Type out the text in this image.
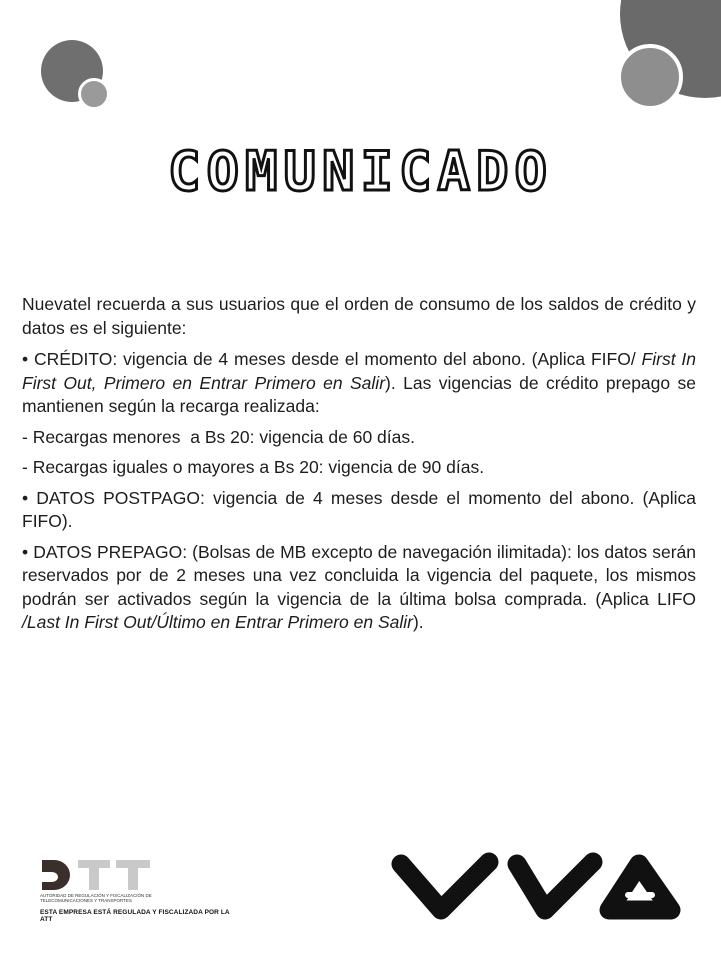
COMUNICADO

Nuevatel recuerda a sus usuarios que el orden de consumo de los saldos de crédito y datos es el siguiente:

• CRÉDITO: vigencia de 4 meses desde el momento del abono. (Aplica FIFO/ First In First Out, Primero en Entrar Primero en Salir). Las vigencias de crédito prepago se mantienen según la recarga realizada:

- Recargas menores  a Bs 20: vigencia de 60 días.

- Recargas iguales o mayores a Bs 20: vigencia de 90 días.

• DATOS POSTPAGO: vigencia de 4 meses desde el momento del abono. (Aplica FIFO).

• DATOS PREPAGO: (Bolsas de MB excepto de navegación ilimitada): los datos serán reservados por de 2 meses una vez concluida la vigencia del paquete, los mismos podrán ser activados según la vigencia de la última bolsa comprada. (Aplica LIFO /Last In First Out/Último en Entrar Primero en Salir).

AUTORIDAD DE REGULACIÓN Y FISCALIZACIÓN DE TELECOMUNICACIONES Y TRANSPORTES
ESTA EMPRESA ESTÁ REGULADA Y FISCALIZADA POR LA ATT
